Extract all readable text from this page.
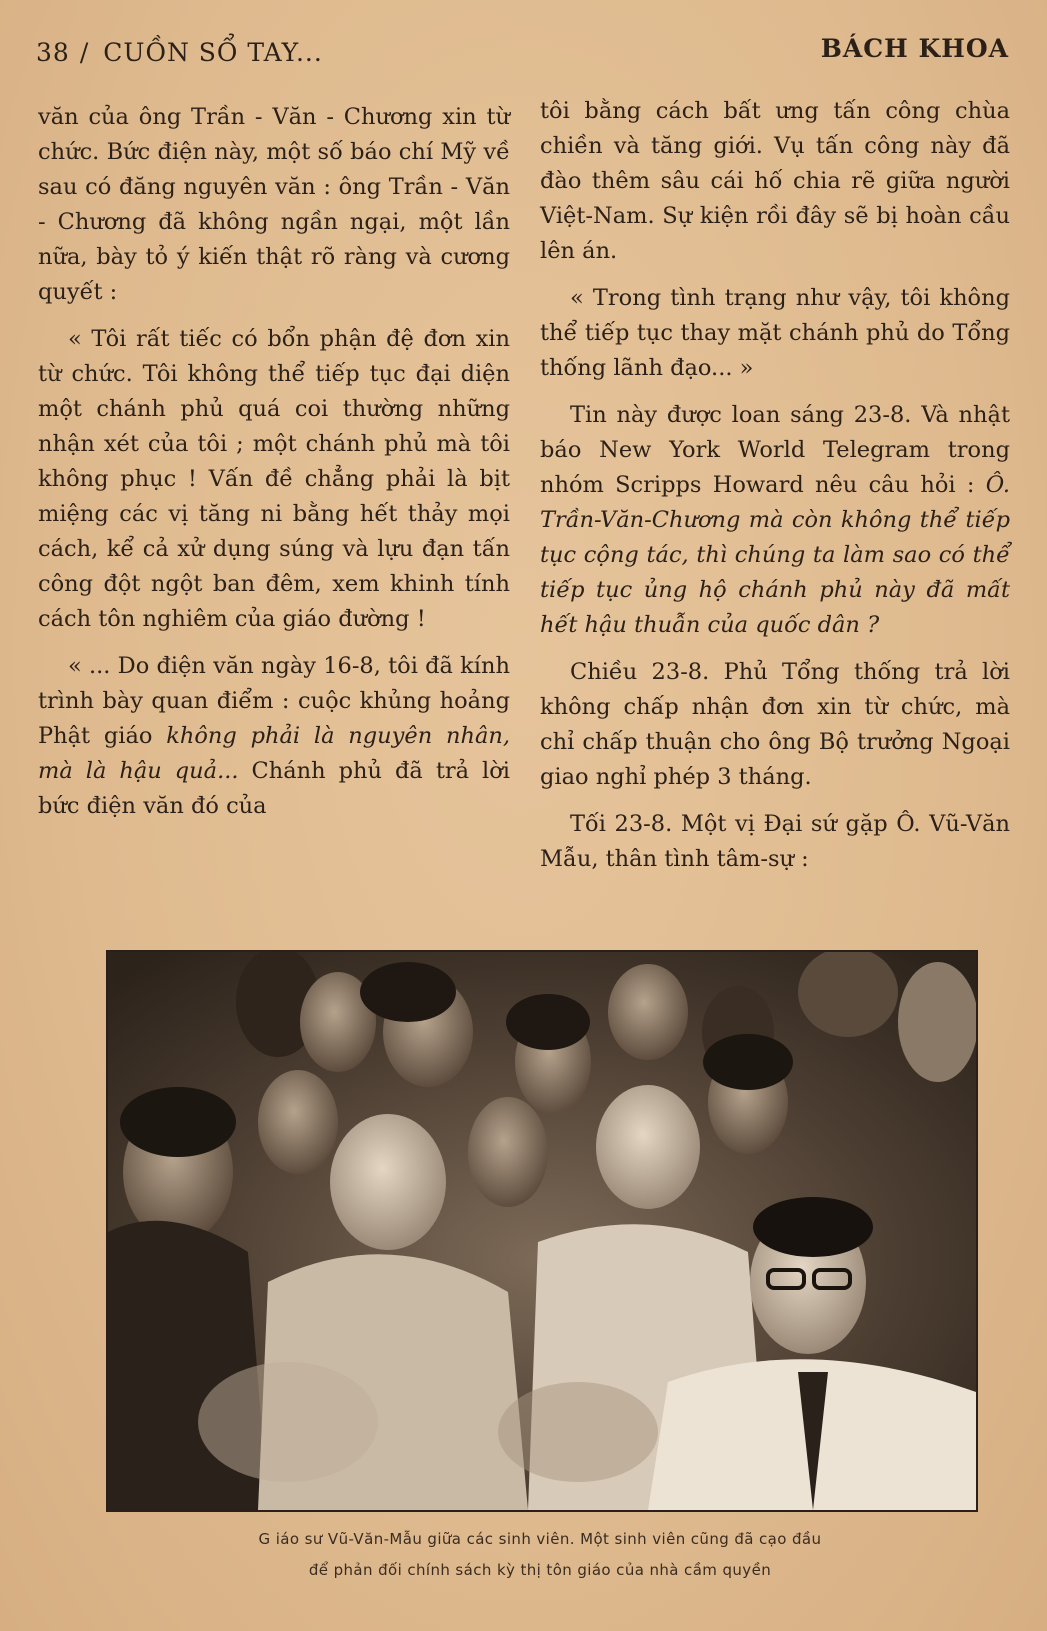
38 / CUỒN SỔ TAY...	BÁCH KHOA

văn của ông Trần - Văn - Chương xin từ chức. Bức điện này, một số báo chí Mỹ về sau có đăng nguyên văn : ông Trần - Văn - Chương đã không ngần ngại, một lần nữa, bày tỏ ý kiến thật rõ ràng và cương quyết :

« Tôi rất tiếc có bổn phận đệ đơn xin từ chức. Tôi không thể tiếp tục đại diện một chánh phủ quá coi thường những nhận xét của tôi ; một chánh phủ mà tôi không phục ! Vấn đề chẳng phải là bịt miệng các vị tăng ni bằng hết thảy mọi cách, kể cả xử dụng súng và lựu đạn tấn công đột ngột ban đêm, xem khinh tính cách tôn nghiêm của giáo đường !

« ... Do điện văn ngày 16-8, tôi đã kính trình bày quan điểm : cuộc khủng hoảng Phật giáo không phải là nguyên nhân, mà là hậu quả... Chánh phủ đã trả lời bức điện văn đó của

tôi bằng cách bất ưng tấn công chùa chiền và tăng giới. Vụ tấn công này đã đào thêm sâu cái hố chia rẽ giữa người Việt-Nam. Sự kiện rồi đây sẽ bị hoàn cầu lên án.

« Trong tình trạng như vậy, tôi không thể tiếp tục thay mặt chánh phủ do Tổng thống lãnh đạo... »

Tin này được loan sáng 23-8. Và nhật báo New York World Telegram trong nhóm Scripps Howard nêu câu hỏi : Ô. Trần-Văn-Chương mà còn không thể tiếp tục cộng tác, thì chúng ta làm sao có thể tiếp tục ủng hộ chánh phủ này đã mất hết hậu thuẫn của quốc dân ?

Chiều 23-8. Phủ Tổng thống trả lời không chấp nhận đơn xin từ chức, mà chỉ chấp thuận cho ông Bộ trưởng Ngoại giao nghỉ phép 3 tháng.

Tối 23-8. Một vị Đại sứ gặp Ô. Vũ-Văn Mẫu, thân tình tâm-sự :

G iáo sư Vũ-Văn-Mẫu giữa các sinh viên. Một sinh viên cũng đã cạo đầu
để phản đối chính sách kỳ thị tôn giáo của nhà cầm quyền
